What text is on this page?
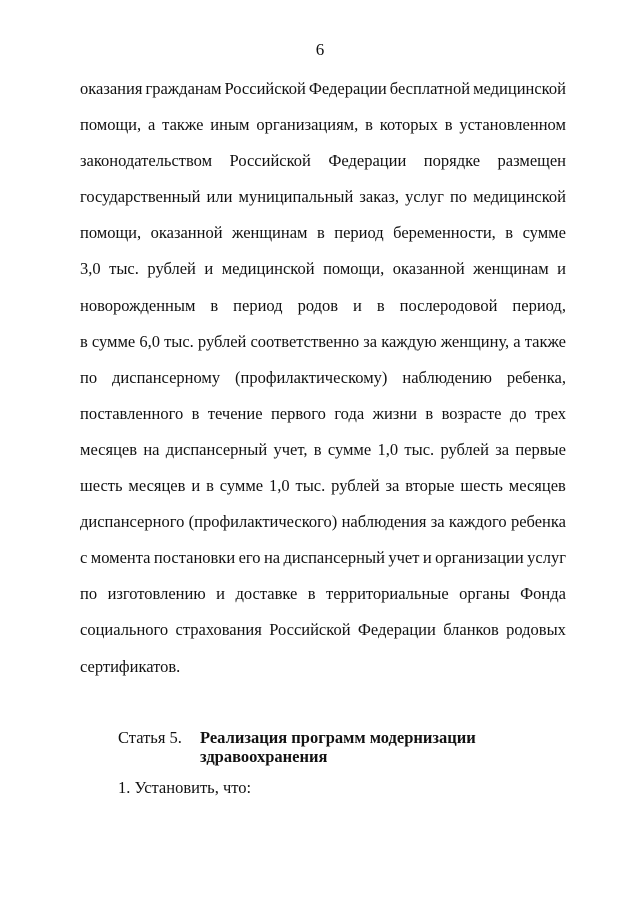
6
оказания гражданам Российской Федерации бесплатной медицинской
помощи, а также иным организациям, в которых в установленном
законодательством Российской Федерации порядке размещен
государственный или муниципальный заказ, услуг по медицинской
помощи, оказанной женщинам в период беременности, в сумме
3,0 тыс. рублей и медицинской помощи, оказанной женщинам и
новорожденным в период родов и в послеродовой период,
в сумме 6,0 тыс. рублей соответственно за каждую женщину, а также
по диспансерному (профилактическому) наблюдению ребенка,
поставленного в течение первого года жизни в возрасте до трех
месяцев на диспансерный учет, в сумме 1,0 тыс. рублей за первые
шесть месяцев и в сумме 1,0 тыс. рублей за вторые шесть месяцев
диспансерного (профилактического) наблюдения за каждого ребенка
с момента постановки его на диспансерный учет и организации услуг
по изготовлению и доставке в территориальные органы Фонда
социального страхования Российской Федерации бланков родовых
сертификатов.
Статья 5. Реализация программ модернизации здравоохранения
1. Установить, что:
